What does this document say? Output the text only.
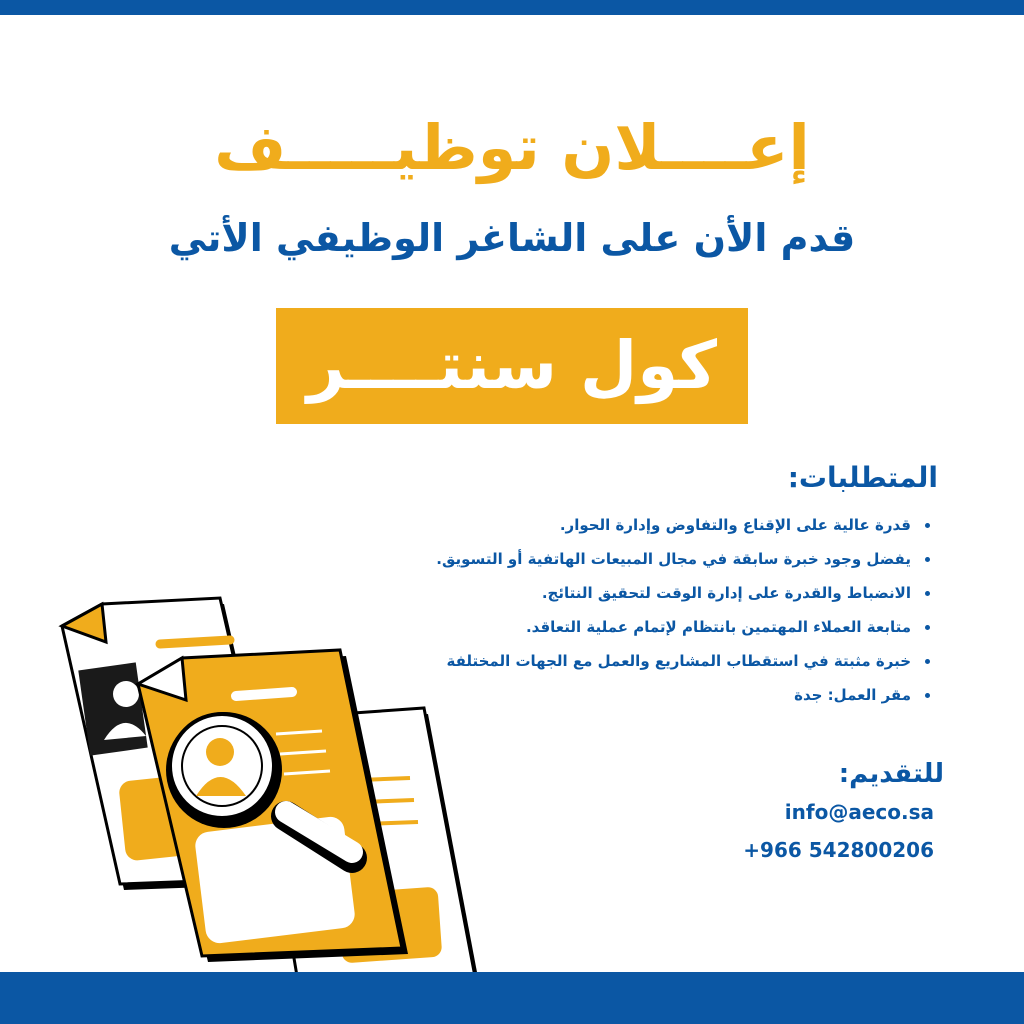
إعــــلان توظيـــــف
قدم الأن على الشاغر الوظيفي الأتي
كول سنتــــر
المتطلبات:
قدرة عالية على الإقناع والتفاوض وإدارة الحوار.
يفضل وجود خبرة سابقة في مجال المبيعات الهاتفية أو التسويق.
الانضباط والقدرة على إدارة الوقت لتحقيق النتائج.
متابعة العملاء المهتمين بانتظام لإتمام عملية التعاقد.
خبرة مثبتة في استقطاب المشاريع والعمل مع الجهات المختلفة
مقر العمل: جدة
للتقديم:
info@aeco.sa
+966 542800206
